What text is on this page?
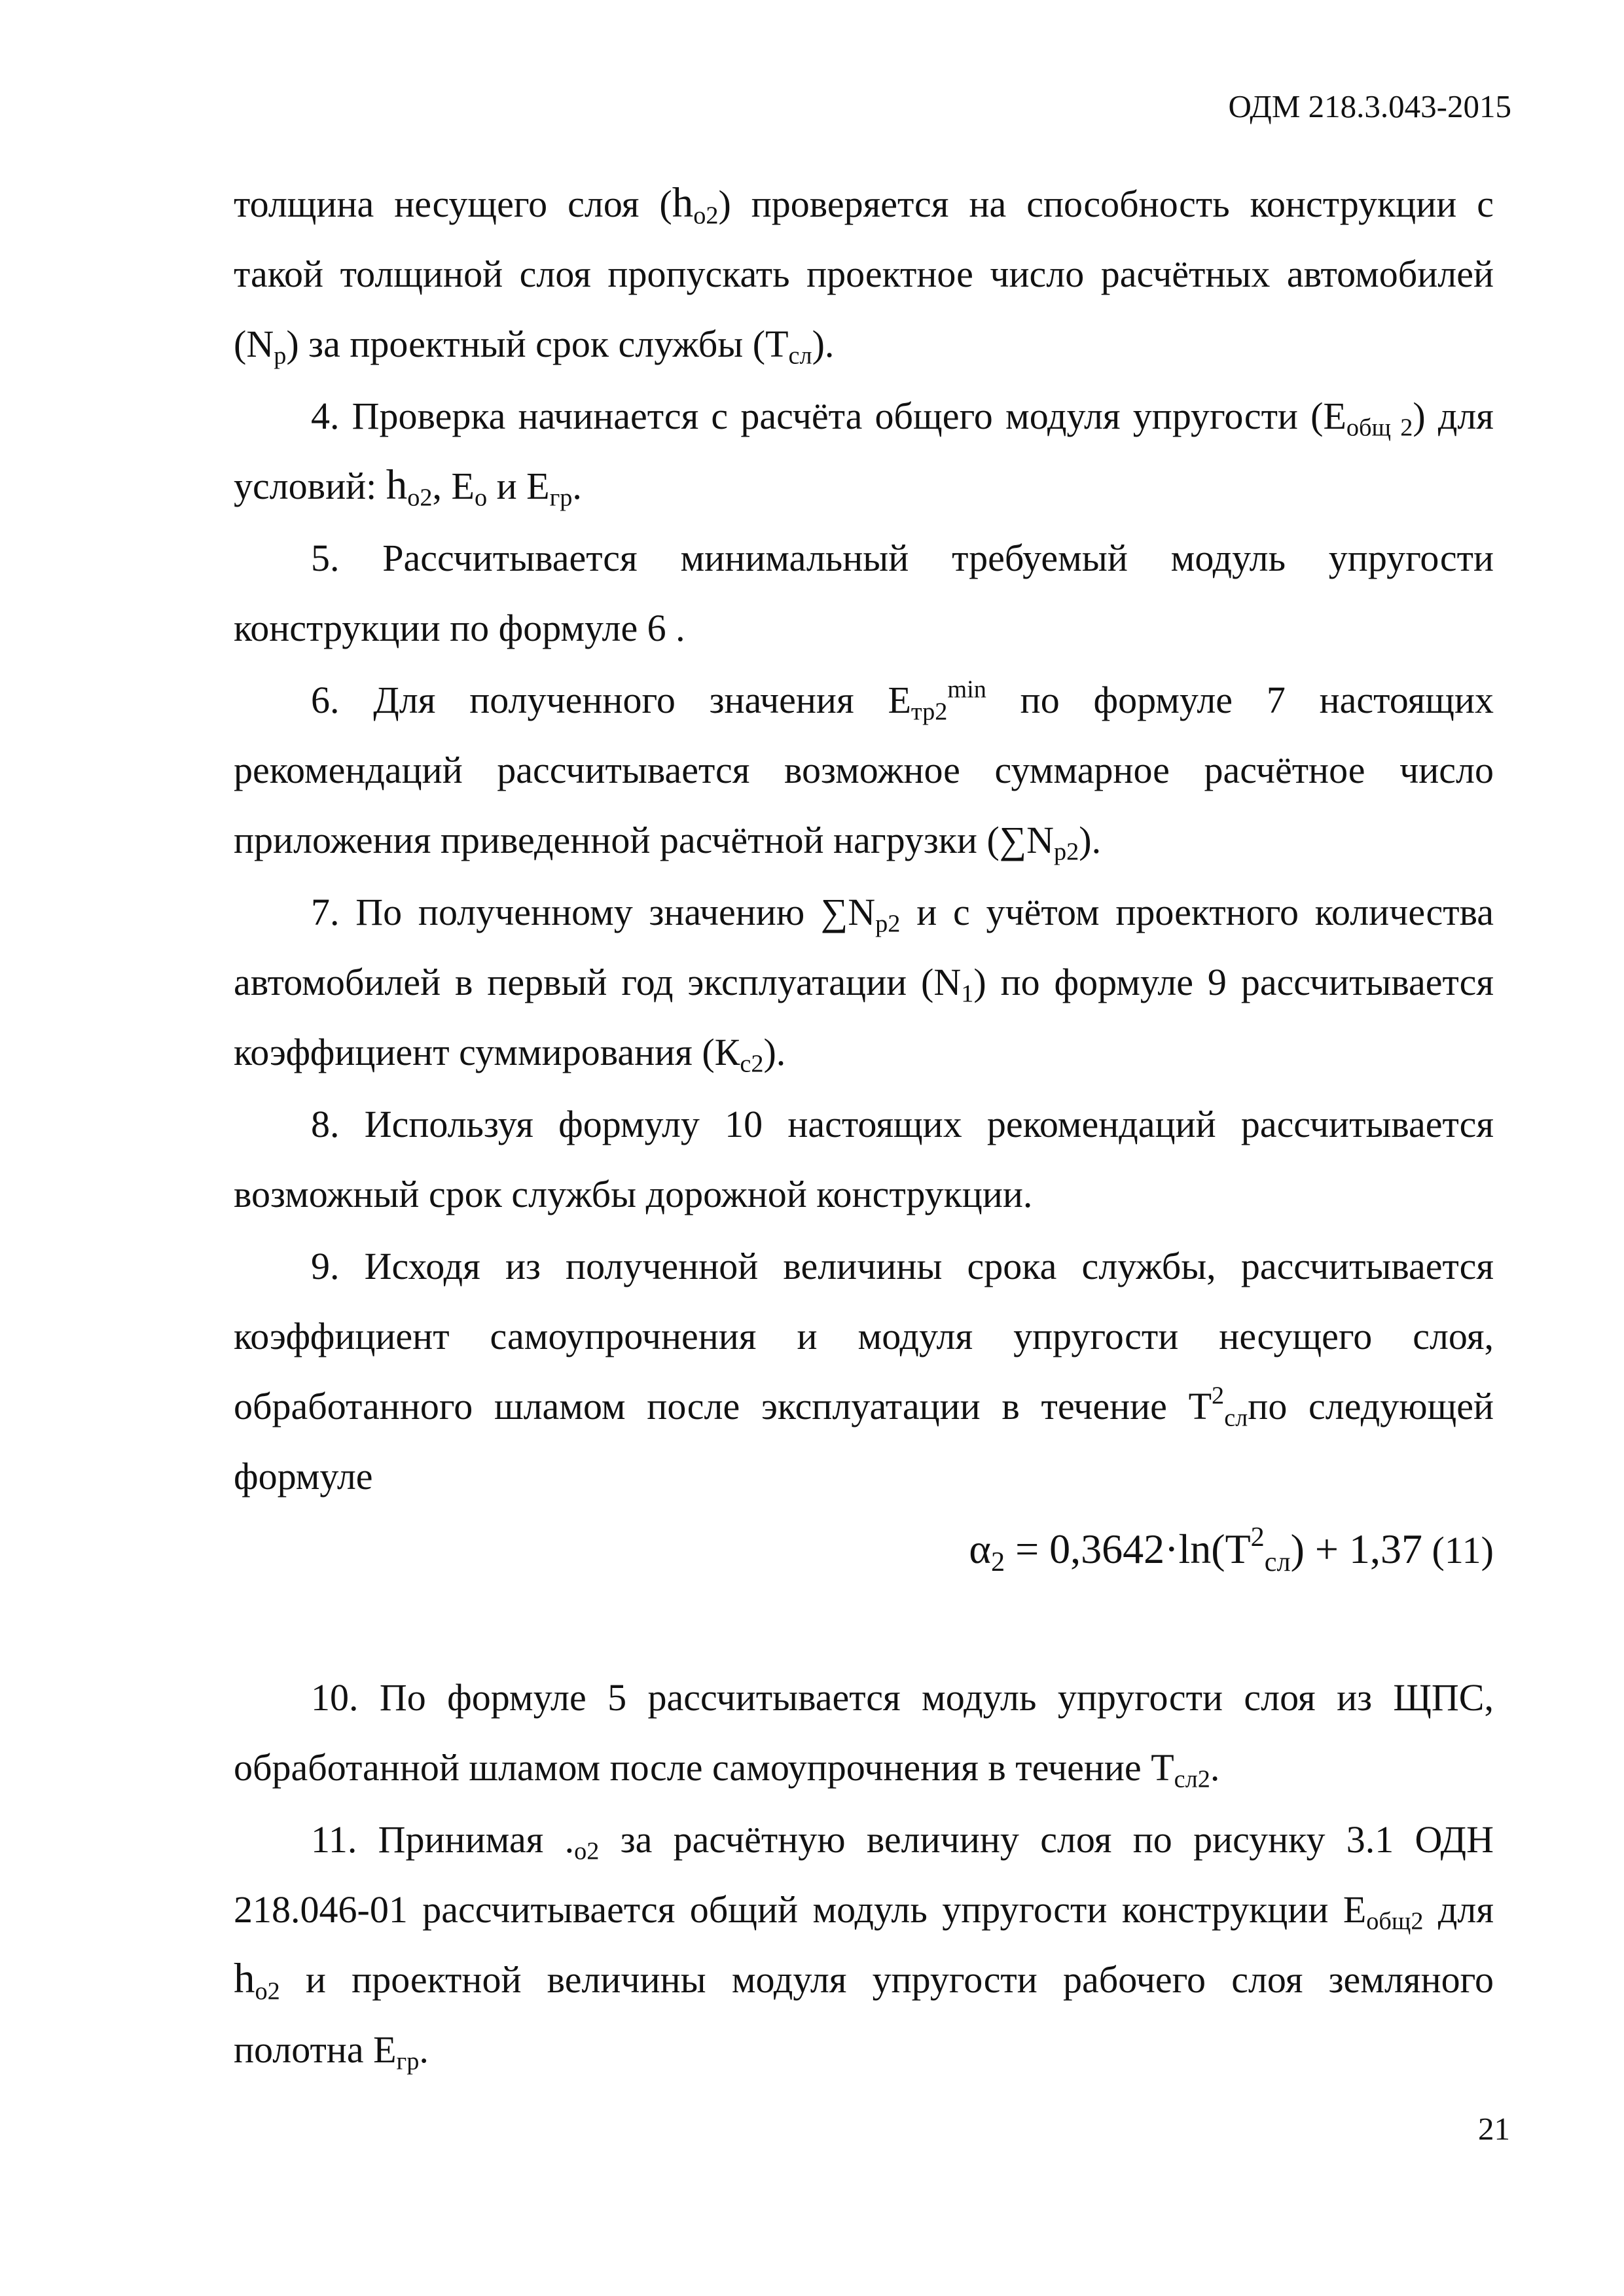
ОДМ 218.3.043-2015

толщина несущего слоя $(h_{о2})$ проверяется на способность конструкции с такой толщиной слоя пропускать проектное число расчётных автомобилей $(N_р)$ за проектный срок службы $(Т_{сл})$.

4. Проверка начинается с расчёта общего модуля упругости $(Е_{общ 2})$ для условий: $h_{о2}$, $Е_о$ и $Е_{гр}$.

5. Рассчитывается минимальный требуемый модуль упругости конструкции по формуле 6 .

6. Для полученного значения $Е_{тр2}^{min}$ по формуле 7 настоящих рекомендаций рассчитывается возможное суммарное расчётное число приложения приведенной расчётной нагрузки $(\sum N_{р2})$.

7. По полученному значению $\sum N_{р2}$ и с учётом проектного количества автомобилей в первый год эксплуатации $(N_1)$ по формуле 9 рассчитывается коэффициент суммирования $(К_{с2})$.

8. Используя формулу 10 настоящих рекомендаций рассчитывается возможный срок службы дорожной конструкции.

9. Исходя из полученной величины срока службы, рассчитывается коэффициент самоупрочнения и модуля упругости несущего слоя, обработанного шламом после эксплуатации в течение $Т^2_{сл}по$ следующей формуле

$\alpha_2 = 0,3642\cdot\ln(Т^2_{сл}) + 1,37$ (11)

10. По формуле 5 рассчитывается модуль упругости слоя из ЩПС, обработанной шламом после самоупрочнения в течение $Т_{сл2}$.

11. Принимая $._{о2}$ за расчётную величину слоя по рисунку 3.1 ОДН 218.046-01 рассчитывается общий модуль упругости конструкции $Е_{общ2}$ для $h_{о2}$ и проектной величины модуля упругости рабочего слоя земляного полотна $Е_{гр}$.

21
